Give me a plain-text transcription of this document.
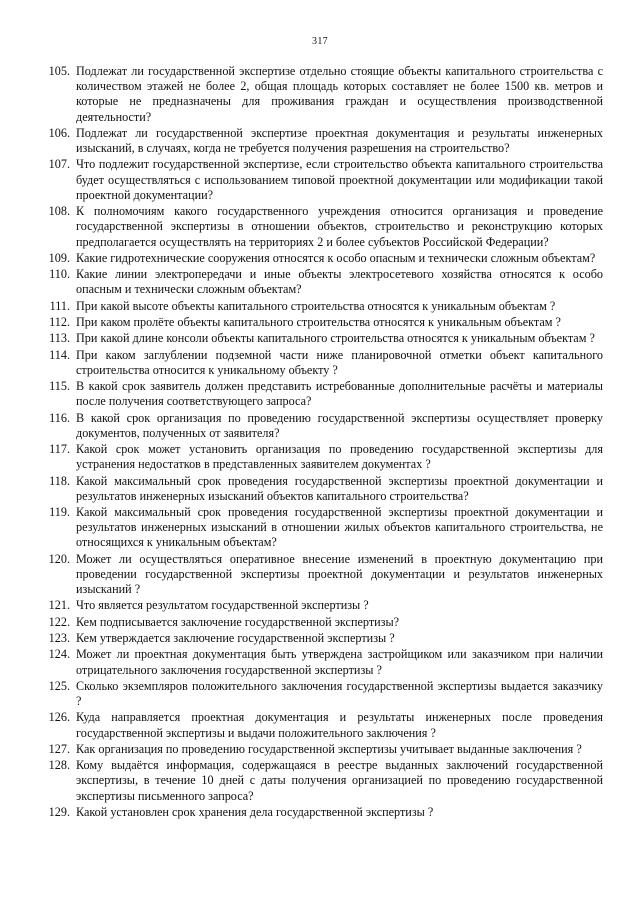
317
105. Подлежат ли государственной экспертизе отдельно стоящие объекты капитального строительства с количеством этажей не более 2, общая площадь которых составляет не более 1500 кв. метров и которые не предназначены для проживания граждан и осуществления производственной деятельности?
106. Подлежат ли государственной экспертизе проектная документация и результаты инженерных изысканий, в случаях, когда не требуется получения разрешения на строительство?
107. Что подлежит государственной экспертизе, если строительство объекта капитального строительства будет осуществляться с использованием типовой проектной документации или модификации такой проектной документации?
108. К полномочиям какого государственного учреждения относится организация и проведение государственной экспертизы в отношении объектов, строительство и реконструкцию которых предполагается осуществлять на территориях 2 и более субъектов Российской Федерации?
109. Какие гидротехнические сооружения относятся к особо опасным и технически сложным объектам?
110. Какие линии электропередачи и иные объекты электросетевого хозяйства относятся к особо опасным и технически сложным объектам?
111. При какой высоте объекты капитального строительства относятся к уникальным объектам ?
112. При каком пролёте объекты капитального строительства относятся к уникальным объектам ?
113. При какой длине консоли объекты капитального строительства относятся к уникальным объектам ?
114. При каком заглублении подземной части ниже планировочной отметки объект капитального строительства относится к уникальному объекту ?
115. В какой срок заявитель должен представить истребованные дополнительные расчёты и материалы после получения соответствующего запроса?
116. В какой срок организация по проведению государственной экспертизы осуществляет проверку документов, полученных от заявителя?
117. Какой срок может установить организация по проведению государственной экспертизы для устранения недостатков в представленных заявителем документах ?
118. Какой максимальный срок проведения государственной экспертизы проектной документации и результатов инженерных изысканий объектов капитального строительства?
119. Какой максимальный срок проведения государственной экспертизы проектной документации и результатов инженерных изысканий в отношении жилых объектов капитального строительства, не относящихся к уникальным объектам?
120. Может ли осуществляться оперативное внесение изменений в проектную документацию при проведении государственной экспертизы проектной документации и результатов инженерных изысканий ?
121. Что является результатом государственной экспертизы ?
122. Кем подписывается заключение государственной экспертизы?
123. Кем утверждается заключение государственной экспертизы ?
124. Может ли проектная документация быть утверждена застройщиком или заказчиком при наличии отрицательного заключения государственной экспертизы ?
125. Сколько экземпляров положительного заключения государственной экспертизы выдается заказчику ?
126. Куда направляется проектная документация и результаты инженерных после проведения государственной экспертизы и выдачи положительного заключения ?
127. Как организация по проведению государственной экспертизы учитывает выданные заключения ?
128. Кому выдаётся информация, содержащаяся в реестре выданных заключений государственной экспертизы, в течение 10 дней с даты получения организацией по проведению государственной экспертизы письменного запроса?
129. Какой установлен срок хранения дела государственной экспертизы ?
